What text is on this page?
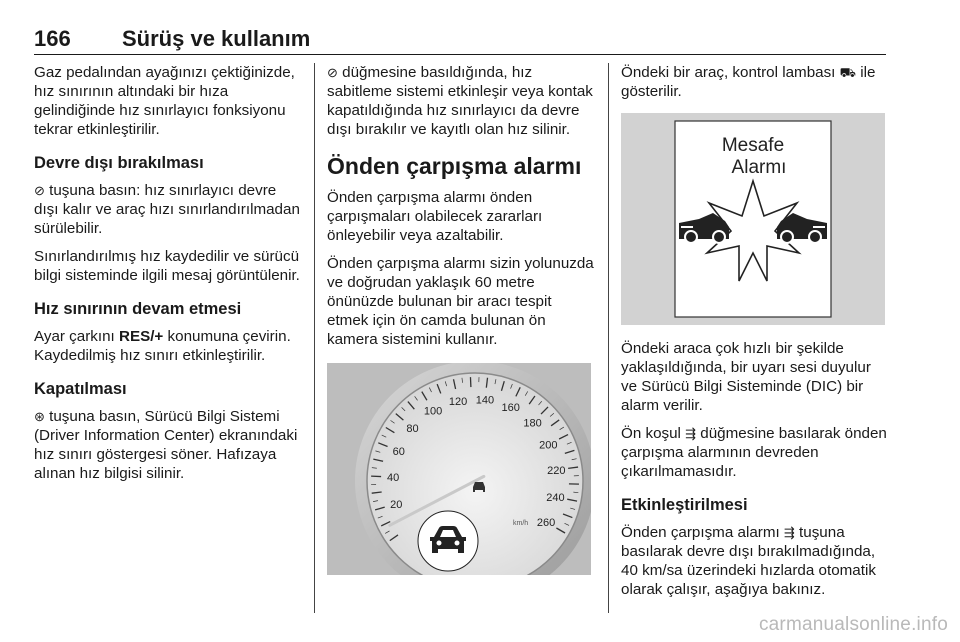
166 Sürüş ve kullanım

Gaz pedalından ayağınızı çektiğinizde, hız sınırının altındaki bir hıza gelindiğinde hız sınırlayıcı fonksiyonu tekrar etkinleştirilir.

Devre dışı bırakılması

⊘ tuşuna basın: hız sınırlayıcı devre dışı kalır ve araç hızı sınırlandırılmadan sürülebilir.

Sınırlandırılmış hız kaydedilir ve sürücü bilgi sisteminde ilgili mesaj görüntülenir.

Hız sınırının devam etmesi

Ayar çarkını RES/+ konumuna çevirin. Kaydedilmiş hız sınırı etkinleştirilir.

Kapatılması

⊛ tuşuna basın, Sürücü Bilgi Sistemi (Driver Information Center) ekranındaki hız sınırı göstergesi söner. Hafızaya alınan hız bilgisi silinir.

⊘ düğmesine basıldığında, hız sabitleme sistemi etkinleşir veya kontak kapatıldığında hız sınırlayıcı da devre dışı bırakılır ve kayıtlı olan hız silinir.

Önden çarpışma alarmı

Önden çarpışma alarmı önden çarpışmaları olabilecek zararları önleyebilir veya azaltabilir.

Önden çarpışma alarmı sizin yolunuzda ve doğrudan yaklaşık 60 metre önünüzde bulunan bir aracı tespit etmek için ön camda bulunan ön kamera sistemini kullanır.

20
40
60
80
100
120 140
160
180
200
220
240
260
km/h

Öndeki bir araç, kontrol lambası ⛟ ile gösterilir.

Mesafe
Alarmı

Öndeki araca çok hızlı bir şekilde yaklaşıldığında, bir uyarı sesi duyulur ve Sürücü Bilgi Sisteminde (DIC) bir alarm verilir.

Ön koşul ⇶ düğmesine basılarak önden çarpışma alarmının devreden çıkarılmamasıdır.

Etkinleştirilmesi

Önden çarpışma alarmı ⇶ tuşuna basılarak devre dışı bırakılmadığında, 40 km/sa üzerindeki hızlarda otomatik olarak çalışır, aşağıya bakınız.

carmanualsonline.info
